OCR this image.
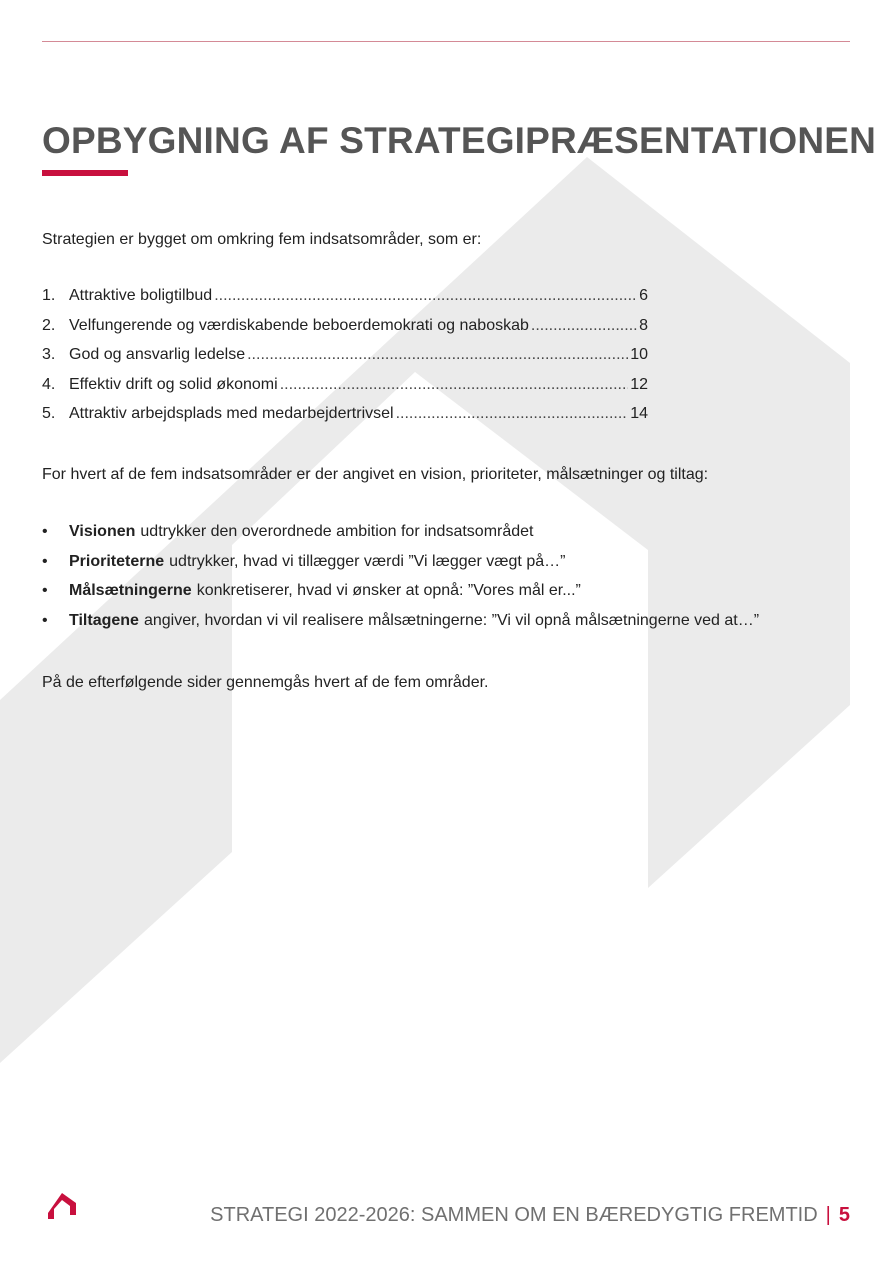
OPBYGNING AF STRATEGIPRÆSENTATIONEN
Strategien er bygget om omkring fem indsatsområder, som er:
1. Attraktive boligtilbud .....	6
2. Velfungerende og værdiskabende beboerdemokrati og naboskab .....	8
3. God og ansvarlig ledelse .....	10
4. Effektiv drift og solid økonomi .....	12
5. Attraktiv arbejdsplads med medarbejdertrivsel .....	14
For hvert af de fem indsatsområder er der angivet en vision, prioriteter, målsætninger og tiltag:
•	Visionen udtrykker den overordnede ambition for indsatsområdet
•	Prioriteterne udtrykker, hvad vi tillægger værdi ”Vi lægger vægt på…”
•	Målsætningerne konkretiserer, hvad vi ønsker at opnå: ”Vores mål er...”
•	Tiltagene angiver, hvordan vi vil realisere målsætningerne: ”Vi vil opnå målsætningerne ved at…”
På de efterfølgende sider gennemgås hvert af de fem områder.
STRATEGI 2022-2026: SAMMEN OM EN BÆREDYGTIG FREMTID | 5
